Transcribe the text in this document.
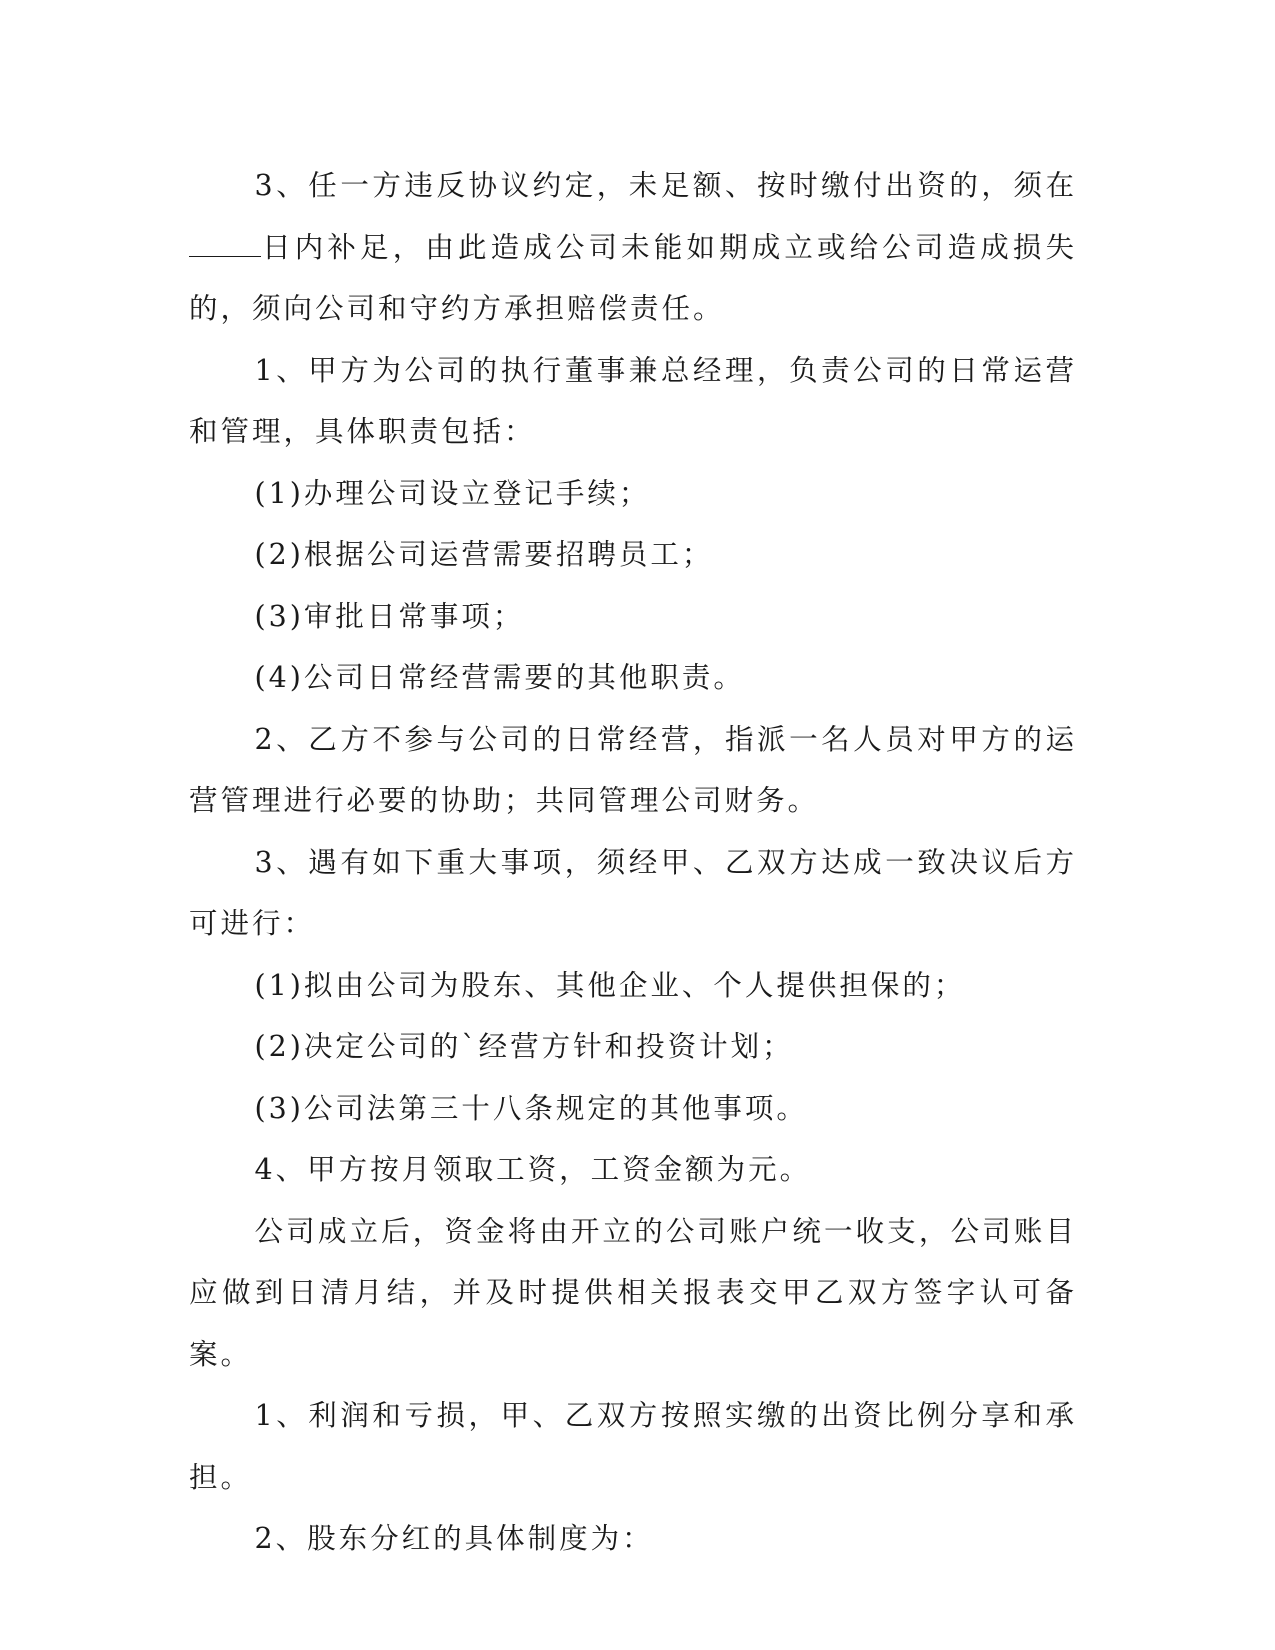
3、任一方违反协议约定，未足额、按时缴付出资的，须在日内补足，由此造成公司未能如期成立或给公司造成损失的，须向公司和守约方承担赔偿责任。

1、甲方为公司的执行董事兼总经理，负责公司的日常运营和管理，具体职责包括：

(1)办理公司设立登记手续；

(2)根据公司运营需要招聘员工；

(3)审批日常事项；

(4)公司日常经营需要的其他职责。

2、乙方不参与公司的日常经营，指派一名人员对甲方的运营管理进行必要的协助；共同管理公司财务。

3、遇有如下重大事项，须经甲、乙双方达成一致决议后方可进行：

(1)拟由公司为股东、其他企业、个人提供担保的；

(2)决定公司的`经营方针和投资计划；

(3)公司法第三十八条规定的其他事项。

4、甲方按月领取工资，工资金额为元。

公司成立后，资金将由开立的公司账户统一收支，公司账目应做到日清月结，并及时提供相关报表交甲乙双方签字认可备案。

1、利润和亏损，甲、乙双方按照实缴的出资比例分享和承担。

2、股东分红的具体制度为：
